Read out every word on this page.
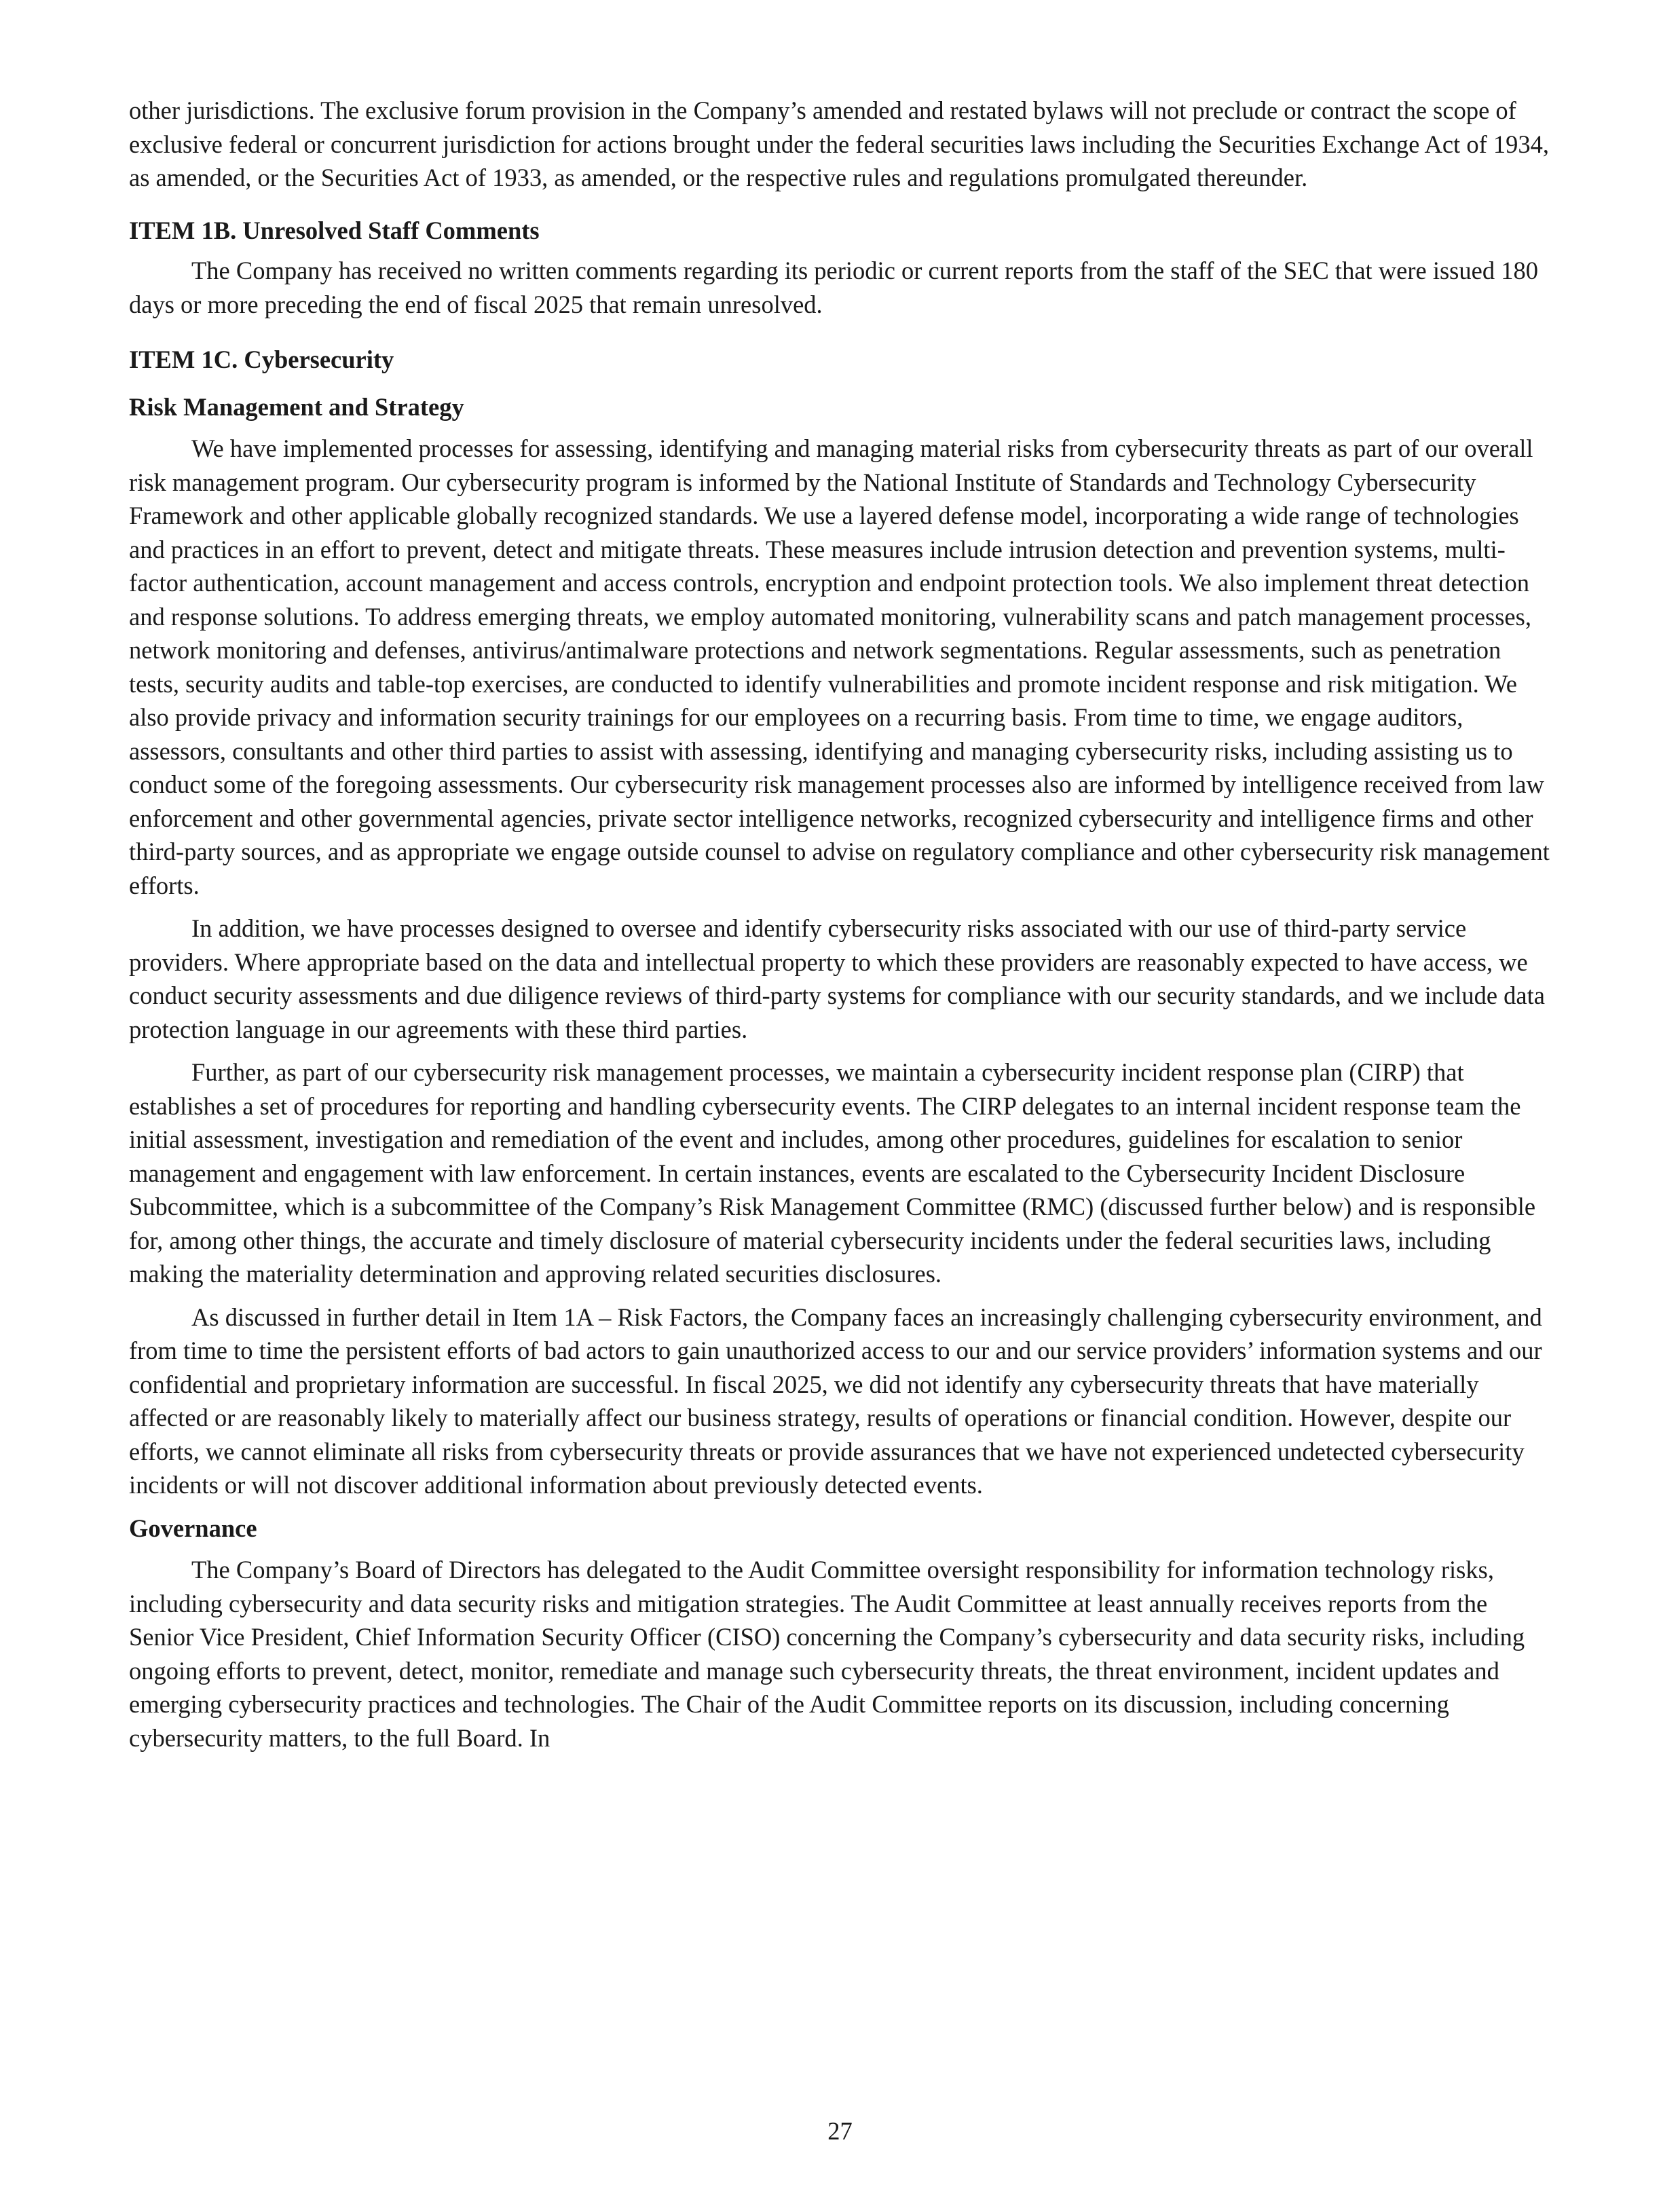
other jurisdictions. The exclusive forum provision in the Company’s amended and restated bylaws will not preclude or contract the scope of exclusive federal or concurrent jurisdiction for actions brought under the federal securities laws including the Securities Exchange Act of 1934, as amended, or the Securities Act of 1933, as amended, or the respective rules and regulations promulgated thereunder.

ITEM 1B. Unresolved Staff Comments

The Company has received no written comments regarding its periodic or current reports from the staff of the SEC that were issued 180 days or more preceding the end of fiscal 2025 that remain unresolved.

ITEM 1C. Cybersecurity
Risk Management and Strategy

We have implemented processes for assessing, identifying and managing material risks from cybersecurity threats as part of our overall risk management program. Our cybersecurity program is informed by the National Institute of Standards and Technology Cybersecurity Framework and other applicable globally recognized standards. We use a layered defense model, incorporating a wide range of technologies and practices in an effort to prevent, detect and mitigate threats. These measures include intrusion detection and prevention systems, multi-factor authentication, account management and access controls, encryption and endpoint protection tools. We also implement threat detection and response solutions. To address emerging threats, we employ automated monitoring, vulnerability scans and patch management processes, network monitoring and defenses, antivirus/antimalware protections and network segmentations. Regular assessments, such as penetration tests, security audits and table-top exercises, are conducted to identify vulnerabilities and promote incident response and risk mitigation. We also provide privacy and information security trainings for our employees on a recurring basis. From time to time, we engage auditors, assessors, consultants and other third parties to assist with assessing, identifying and managing cybersecurity risks, including assisting us to conduct some of the foregoing assessments. Our cybersecurity risk management processes also are informed by intelligence received from law enforcement and other governmental agencies, private sector intelligence networks, recognized cybersecurity and intelligence firms and other third-party sources, and as appropriate we engage outside counsel to advise on regulatory compliance and other cybersecurity risk management efforts.

In addition, we have processes designed to oversee and identify cybersecurity risks associated with our use of third-party service providers. Where appropriate based on the data and intellectual property to which these providers are reasonably expected to have access, we conduct security assessments and due diligence reviews of third-party systems for compliance with our security standards, and we include data protection language in our agreements with these third parties.

Further, as part of our cybersecurity risk management processes, we maintain a cybersecurity incident response plan (CIRP) that establishes a set of procedures for reporting and handling cybersecurity events. The CIRP delegates to an internal incident response team the initial assessment, investigation and remediation of the event and includes, among other procedures, guidelines for escalation to senior management and engagement with law enforcement. In certain instances, events are escalated to the Cybersecurity Incident Disclosure Subcommittee, which is a subcommittee of the Company’s Risk Management Committee (RMC) (discussed further below) and is responsible for, among other things, the accurate and timely disclosure of material cybersecurity incidents under the federal securities laws, including making the materiality determination and approving related securities disclosures.

As discussed in further detail in Item 1A – Risk Factors, the Company faces an increasingly challenging cybersecurity environment, and from time to time the persistent efforts of bad actors to gain unauthorized access to our and our service providers’ information systems and our confidential and proprietary information are successful. In fiscal 2025, we did not identify any cybersecurity threats that have materially affected or are reasonably likely to materially affect our business strategy, results of operations or financial condition. However, despite our efforts, we cannot eliminate all risks from cybersecurity threats or provide assurances that we have not experienced undetected cybersecurity incidents or will not discover additional information about previously detected events.

Governance

The Company’s Board of Directors has delegated to the Audit Committee oversight responsibility for information technology risks, including cybersecurity and data security risks and mitigation strategies. The Audit Committee at least annually receives reports from the Senior Vice President, Chief Information Security Officer (CISO) concerning the Company’s cybersecurity and data security risks, including ongoing efforts to prevent, detect, monitor, remediate and manage such cybersecurity threats, the threat environment, incident updates and emerging cybersecurity practices and technologies. The Chair of the Audit Committee reports on its discussion, including concerning cybersecurity matters, to the full Board. In

27
